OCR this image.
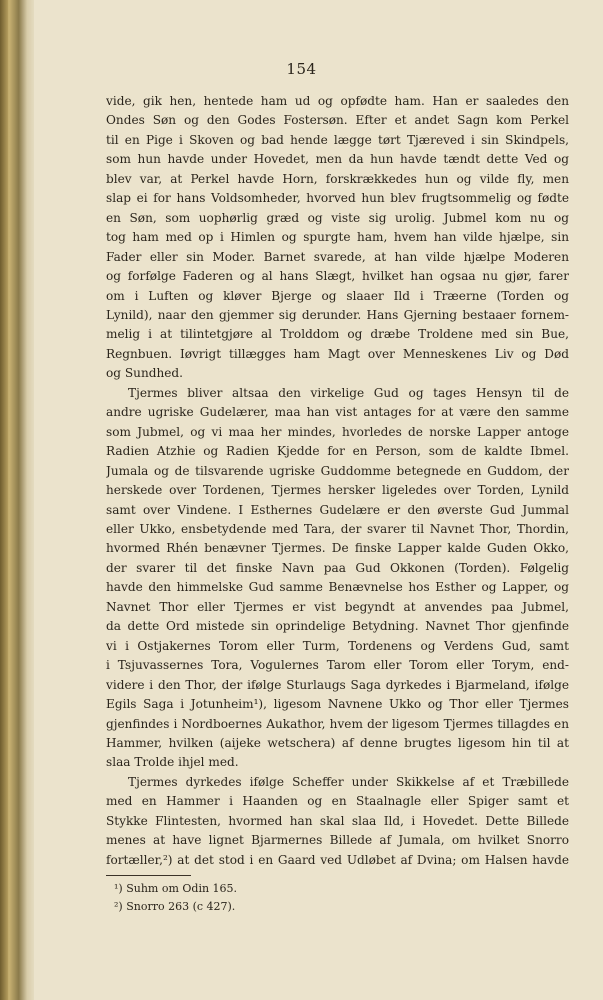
154
vide, gik hen, hentede ham ud og opfødte ham. Han er saaledes den
Ondes Søn og den Godes Fostersøn. Efter et andet Sagn kom Perkel
til en Pige i Skoven og bad hende lægge tørt Tjæreved i sin Skindpels,
som hun havde under Hovedet, men da hun havde tændt dette Ved og
blev var, at Perkel havde Horn, forskrækkedes hun og vilde fly, men
slap ei for hans Voldsomheder, hvorved hun blev frugtsommelig og fødte
en Søn, som uophørlig græd og viste sig urolig. Jubmel kom nu og
tog ham med op i Himlen og spurgte ham, hvem han vilde hjælpe, sin
Fader eller sin Moder. Barnet svarede, at han vilde hjælpe Moderen
og forfølge Faderen og al hans Slægt, hvilket han ogsaa nu gjør, farer
om i Luften og kløver Bjerge og slaaer Ild i Træerne (Torden og
Lynild), naar den gjemmer sig derunder. Hans Gjerning bestaaer fornem-
melig i at tilintetgjøre al Trolddom og dræbe Troldene med sin Bue,
Regnbuen. Iøvrigt tillægges ham Magt over Menneskenes Liv og Død
og Sundhed.
Tjermes bliver altsaa den virkelige Gud og tages Hensyn til de
andre ugriske Gudelærer, maa han vist antages for at være den samme
som Jubmel, og vi maa her mindes, hvorledes de norske Lapper antoge
Radien Atzhie og Radien Kjedde for en Person, som de kaldte Ibmel.
Jumala og de tilsvarende ugriske Guddomme betegnede en Guddom, der
herskede over Tordenen, Tjermes hersker ligeledes over Torden, Lynild
samt over Vindene. I Esthernes Gudelære er den øverste Gud Jummal
eller Ukko, ensbetydende med Tara, der svarer til Navnet Thor, Thordin,
hvormed Rhén benævner Tjermes. De finske Lapper kalde Guden Okko,
der svarer til det finske Navn paa Gud Okkonen (Torden). Følgelig
havde den himmelske Gud samme Benævnelse hos Esther og Lapper, og
Navnet Thor eller Tjermes er vist begyndt at anvendes paa Jubmel,
da dette Ord mistede sin oprindelige Betydning. Navnet Thor gjenfinde
vi i Ostjakernes Torom eller Turm, Tordenens og Verdens Gud, samt
i Tsjuvassernes Tora, Vogulernes Tarom eller Torom eller Torym, end-
videre i den Thor, der ifølge Sturlaugs Saga dyrkedes i Bjarmeland, ifølge
Egils Saga i Jotunheim¹), ligesom Navnene Ukko og Thor eller Tjermes
gjenfindes i Nordboernes Aukathor, hvem der ligesom Tjermes tillagdes en
Hammer, hvilken (aijeke wetschera) af denne brugtes ligesom hin til at
slaa Trolde ihjel med.
Tjermes dyrkedes ifølge Scheffer under Skikkelse af et Træbillede
med en Hammer i Haanden og en Staalnagle eller Spiger samt et
Stykke Flintesten, hvormed han skal slaa Ild, i Hovedet. Dette Billede
menes at have lignet Bjarmernes Billede af Jumala, om hvilket Snorro
fortæller,²) at det stod i en Gaard ved Udløbet af Dvina; om Halsen havde
¹) Suhm om Odin 165.
²) Snorro 263 (c 427).
